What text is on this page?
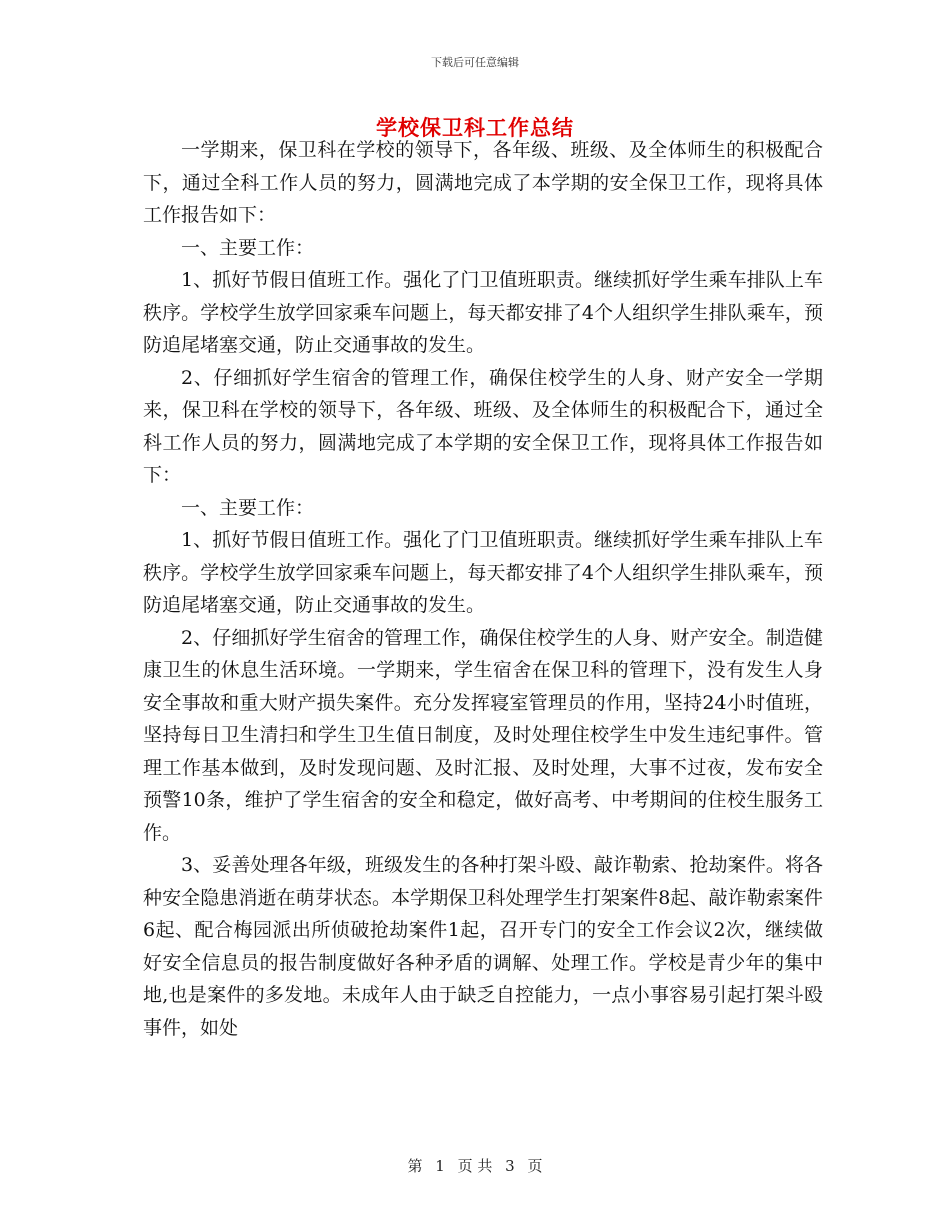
下载后可任意编辑
学校保卫科工作总结

一学期来，保卫科在学校的领导下，各年级、班级、及全体师生的积极配合下，通过全科工作人员的努力，圆满地完成了本学期的安全保卫工作，现将具体工作报告如下：

一、主要工作：

1、抓好节假日值班工作。强化了门卫值班职责。继续抓好学生乘车排队上车秩序。学校学生放学回家乘车问题上，每天都安排了4个人组织学生排队乘车，预防追尾堵塞交通，防止交通事故的发生。

2、仔细抓好学生宿舍的管理工作，确保住校学生的人身、财产安全一学期来，保卫科在学校的领导下，各年级、班级、及全体师生的积极配合下，通过全科工作人员的努力，圆满地完成了本学期的安全保卫工作，现将具体工作报告如下：

一、主要工作：

1、抓好节假日值班工作。强化了门卫值班职责。继续抓好学生乘车排队上车秩序。学校学生放学回家乘车问题上，每天都安排了4个人组织学生排队乘车，预防追尾堵塞交通，防止交通事故的发生。

2、仔细抓好学生宿舍的管理工作，确保住校学生的人身、财产安全。制造健康卫生的休息生活环境。一学期来，学生宿舍在保卫科的管理下，没有发生人身安全事故和重大财产损失案件。充分发挥寝室管理员的作用，坚持24小时值班，坚持每日卫生清扫和学生卫生值日制度，及时处理住校学生中发生违纪事件。管理工作基本做到，及时发现问题、及时汇报、及时处理，大事不过夜，发布安全预警10条，维护了学生宿舍的安全和稳定，做好高考、中考期间的住校生服务工作。

3、妥善处理各年级，班级发生的各种打架斗殴、敲诈勒索、抢劫案件。将各种安全隐患消逝在萌芽状态。本学期保卫科处理学生打架案件8起、敲诈勒索案件6起、配合梅园派出所侦破抢劫案件1起，召开专门的安全工作会议2次，继续做好安全信息员的报告制度做好各种矛盾的调解、处理工作。学校是青少年的集中地,也是案件的多发地。未成年人由于缺乏自控能力，一点小事容易引起打架斗殴事件，如处

第 1 页 共 3 页
